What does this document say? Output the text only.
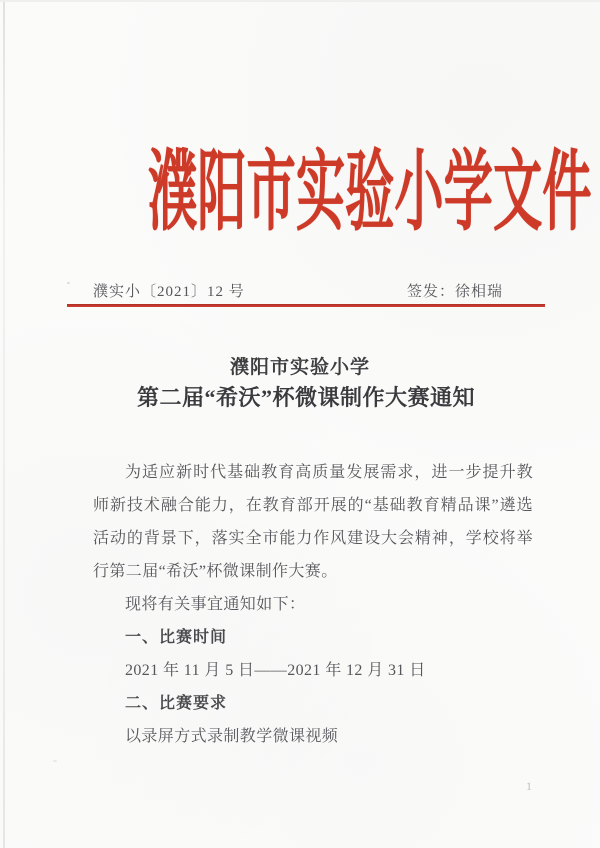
濮阳市实验小学文件
濮实小〔2021〕12 号	签发：徐相瑞
濮阳市实验小学
第二届“希沃”杯微课制作大赛通知

为适应新时代基础教育高质量发展需求，进一步提升教师新技术融合能力，在教育部开展的“基础教育精品课”遴选活动的背景下，落实全市能力作风建设大会精神，学校将举行第二届“希沃”杯微课制作大赛。

现将有关事宜通知如下：

一、比赛时间

2021 年 11 月 5 日——2021 年 12 月 31 日

二、比赛要求

以录屏方式录制教学微课视频

1
